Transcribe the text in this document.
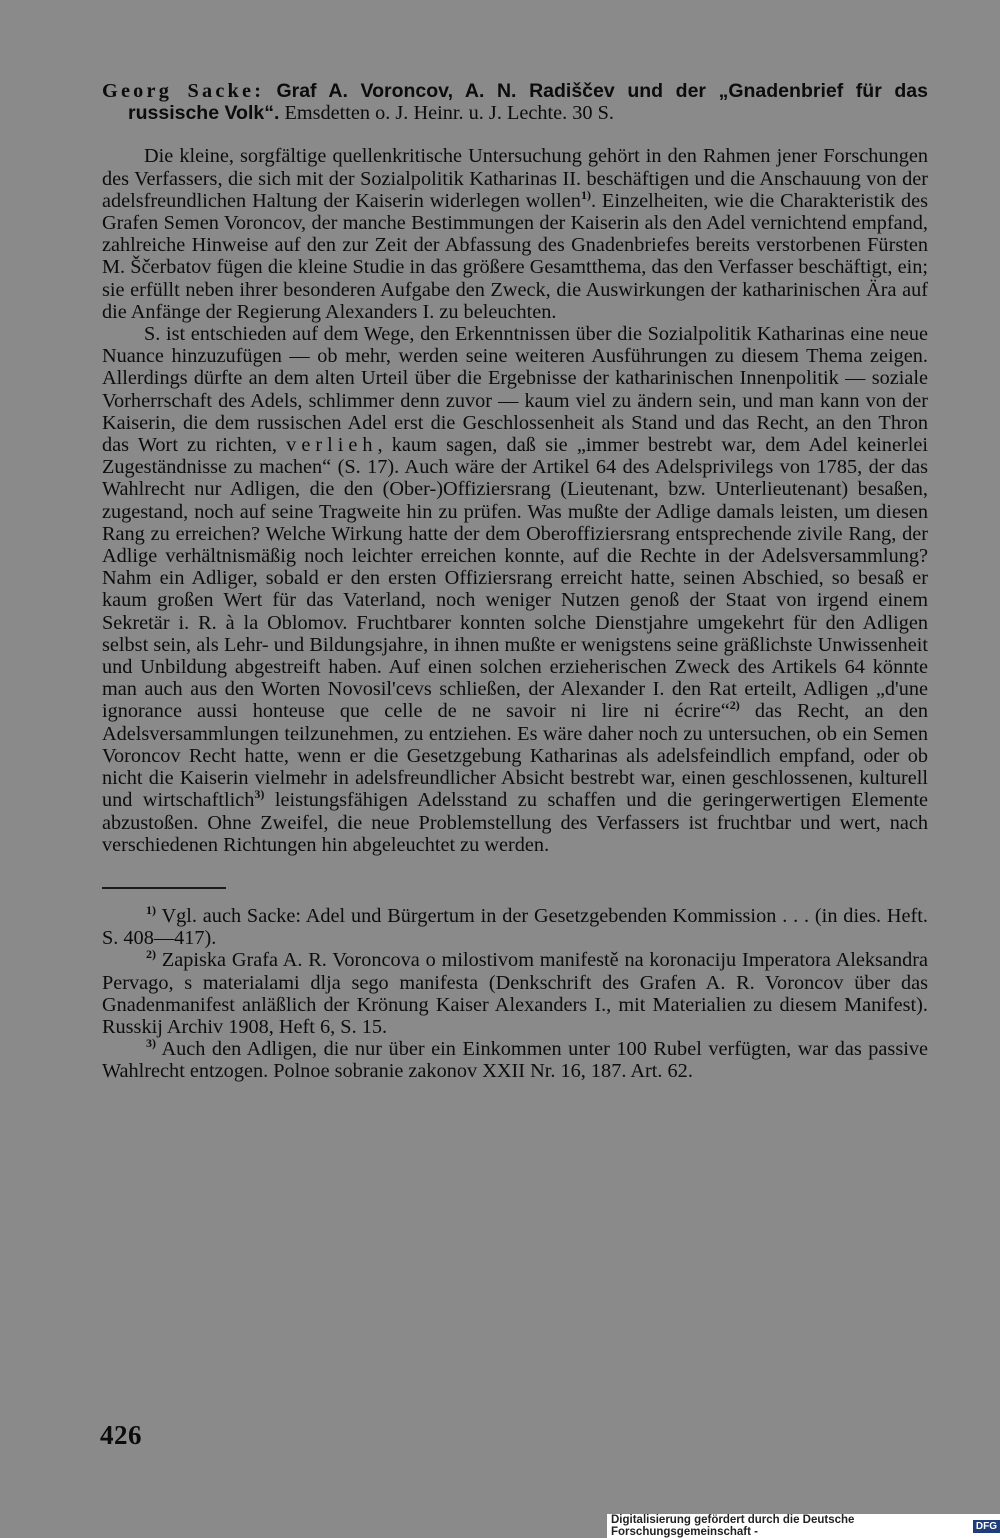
Georg Sacke: Graf A. Voroncov, A. N. Radiščev und der „Gnadenbrief für das russische Volk“. Emsdetten o. J. Heinr. u. J. Lechte. 30 S.

Die kleine, sorgfältige quellenkritische Untersuchung gehört in den Rahmen jener Forschungen des Verfassers, die sich mit der Sozialpolitik Katharinas II. beschäftigen und die Anschauung von der adelsfreundlichen Haltung der Kaiserin widerlegen wollen$^{1)}$. Einzelheiten, wie die Charakteristik des Grafen Semen Voroncov, der manche Bestimmungen der Kaiserin als den Adel vernichtend empfand, zahlreiche Hinweise auf den zur Zeit der Abfassung des Gnadenbriefes bereits verstorbenen Fürsten M. Ščerbatov fügen die kleine Studie in das größere Gesamtthema, das den Verfasser beschäftigt, ein; sie erfüllt neben ihrer besonderen Aufgabe den Zweck, die Auswirkungen der katharinischen Ära auf die Anfänge der Regierung Alexanders I. zu beleuchten.

S. ist entschieden auf dem Wege, den Erkenntnissen über die Sozialpolitik Katharinas eine neue Nuance hinzuzufügen — ob mehr, werden seine weiteren Ausführungen zu diesem Thema zeigen. Allerdings dürfte an dem alten Urteil über die Ergebnisse der katharinischen Innenpolitik — soziale Vorherrschaft des Adels, schlimmer denn zuvor — kaum viel zu ändern sein, und man kann von der Kaiserin, die dem russischen Adel erst die Geschlossenheit als Stand und das Recht, an den Thron das Wort zu richten, verlieh, kaum sagen, daß sie „immer bestrebt war, dem Adel keinerlei Zugeständnisse zu machen“ (S. 17). Auch wäre der Artikel 64 des Adelsprivilegs von 1785, der das Wahlrecht nur Adligen, die den (Ober-)Offiziersrang (Lieutenant, bzw. Unterlieutenant) besaßen, zugestand, noch auf seine Tragweite hin zu prüfen. Was mußte der Adlige damals leisten, um diesen Rang zu erreichen? Welche Wirkung hatte der dem Oberoffiziersrang entsprechende zivile Rang, der Adlige verhältnismäßig noch leichter erreichen konnte, auf die Rechte in der Adelsversammlung? Nahm ein Adliger, sobald er den ersten Offiziersrang erreicht hatte, seinen Abschied, so besaß er kaum großen Wert für das Vaterland, noch weniger Nutzen genoß der Staat von irgend einem Sekretär i. R. à la Oblomov. Fruchtbarer konnten solche Dienstjahre umgekehrt für den Adligen selbst sein, als Lehr- und Bildungsjahre, in ihnen mußte er wenigstens seine gräßlichste Unwissenheit und Unbildung abgestreift haben. Auf einen solchen erzieherischen Zweck des Artikels 64 könnte man auch aus den Worten Novosil'cevs schließen, der Alexander I. den Rat erteilt, Adligen „d'une ignorance aussi honteuse que celle de ne savoir ni lire ni écrire“$^{2)}$ das Recht, an den Adelsversammlungen teilzunehmen, zu entziehen. Es wäre daher noch zu untersuchen, ob ein Semen Voroncov Recht hatte, wenn er die Gesetzgebung Katharinas als adelsfeindlich empfand, oder ob nicht die Kaiserin vielmehr in adelsfreundlicher Absicht bestrebt war, einen geschlossenen, kulturell und wirtschaftlich$^{3)}$ leistungsfähigen Adelsstand zu schaffen und die geringerwertigen Elemente abzustoßen. Ohne Zweifel, die neue Problemstellung des Verfassers ist fruchtbar und wert, nach verschiedenen Richtungen hin abgeleuchtet zu werden.

$^{1)}$ Vgl. auch Sacke: Adel und Bürgertum in der Gesetzgebenden Kommission . . . (in dies. Heft. S. 408—417).

$^{2)}$ Zapiska Grafa A. R. Voroncova o milostivom manifestě na koronaciju Imperatora Aleksandra Pervago, s materialami dlja sego manifesta (Denkschrift des Grafen A. R. Voroncov über das Gnadenmanifest anläßlich der Krönung Kaiser Alexanders I., mit Materialien zu diesem Manifest). Russkij Archiv 1908, Heft 6, S. 15.

$^{3)}$ Auch den Adligen, die nur über ein Einkommen unter 100 Rubel verfügten, war das passive Wahlrecht entzogen. Polnoe sobranie zakonov XXII Nr. 16, 187. Art. 62.

426
Digitalisierung gefördert durch die Deutsche Forschungsgemeinschaft -	DFG
